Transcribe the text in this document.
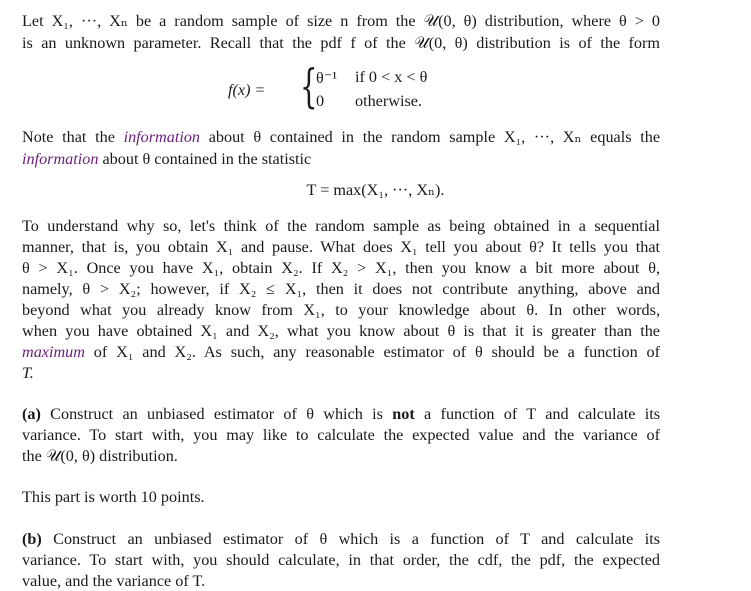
Let X₁, ···, Xₙ be a random sample of size n from the 𝒰(0, θ) distribution, where θ > 0
is an unknown parameter. Recall that the pdf f of the 𝒰(0, θ) distribution is of the form
f(x) = {
θ⁻¹ if 0 < x < θ
0 otherwise.
Note that the information about θ contained in the random sample X₁, ···, Xₙ equals the
information about θ contained in the statistic
T = max(X₁, ···, Xₙ).
To understand why so, let's think of the random sample as being obtained in a sequential
manner, that is, you obtain X₁ and pause. What does X₁ tell you about θ? It tells you that
θ > X₁. Once you have X₁, obtain X₂. If X₂ > X₁, then you know a bit more about θ,
namely, θ > X₂; however, if X₂ ≤ X₁, then it does not contribute anything, above and
beyond what you already know from X₁, to your knowledge about θ. In other words,
when you have obtained X₁ and X₂, what you know about θ is that it is greater than the
maximum of X₁ and X₂. As such, any reasonable estimator of θ should be a function of
T.
(a) Construct an unbiased estimator of θ which is not a function of T and calculate its
variance. To start with, you may like to calculate the expected value and the variance of
the 𝒰(0, θ) distribution.
This part is worth 10 points.
(b) Construct an unbiased estimator of θ which is a function of T and calculate its
variance. To start with, you should calculate, in that order, the cdf, the pdf, the expected
value, and the variance of T.
